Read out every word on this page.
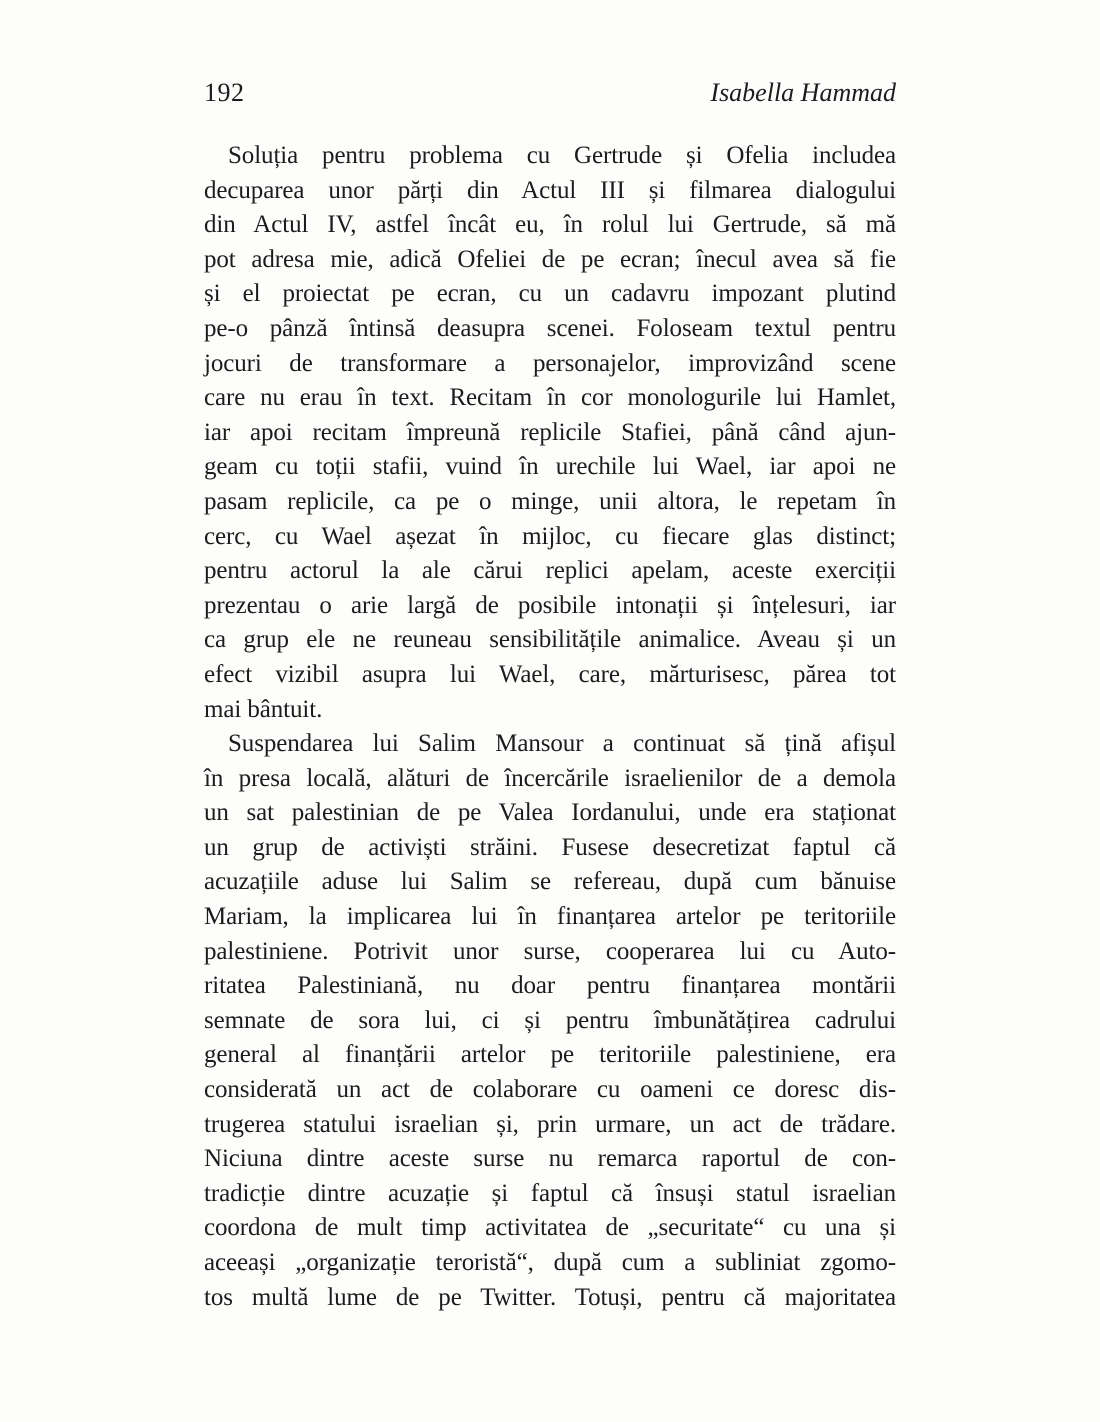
192	Isabella Hammad
Soluția pentru problema cu Gertrude și Ofelia includea
decuparea unor părți din Actul III și filmarea dialogului
din Actul IV, astfel încât eu, în rolul lui Gertrude, să mă
pot adresa mie, adică Ofeliei de pe ecran; înecul avea să fie
și el proiectat pe ecran, cu un cadavru impozant plutind
pe-o pânză întinsă deasupra scenei. Foloseam textul pentru
jocuri de transformare a personajelor, improvizând scene
care nu erau în text. Recitam în cor monologurile lui Hamlet,
iar apoi recitam împreună replicile Stafiei, până când ajun-
geam cu toții stafii, vuind în urechile lui Wael, iar apoi ne
pasam replicile, ca pe o minge, unii altora, le repetam în
cerc, cu Wael așezat în mijloc, cu fiecare glas distinct;
pentru actorul la ale cărui replici apelam, aceste exerciții
prezentau o arie largă de posibile intonații și înțelesuri, iar
ca grup ele ne reuneau sensibilitățile animalice. Aveau și un
efect vizibil asupra lui Wael, care, mărturisesc, părea tot
mai bântuit.
Suspendarea lui Salim Mansour a continuat să țină afișul
în presa locală, alături de încercările israelienilor de a demola
un sat palestinian de pe Valea Iordanului, unde era staționat
un grup de activiști străini. Fusese desecretizat faptul că
acuzațiile aduse lui Salim se refereau, după cum bănuise
Mariam, la implicarea lui în finanțarea artelor pe teritoriile
palestiniene. Potrivit unor surse, cooperarea lui cu Auto-
ritatea Palestiniană, nu doar pentru finanțarea montării
semnate de sora lui, ci și pentru îmbunătățirea cadrului
general al finanțării artelor pe teritoriile palestiniene, era
considerată un act de colaborare cu oameni ce doresc dis-
trugerea statului israelian și, prin urmare, un act de trădare.
Niciuna dintre aceste surse nu remarca raportul de con-
tradicție dintre acuzație și faptul că însuși statul israelian
coordona de mult timp activitatea de „securitate“ cu una și
aceeași „organizație teroristă“, după cum a subliniat zgomo-
tos multă lume de pe Twitter. Totuși, pentru că majoritatea
